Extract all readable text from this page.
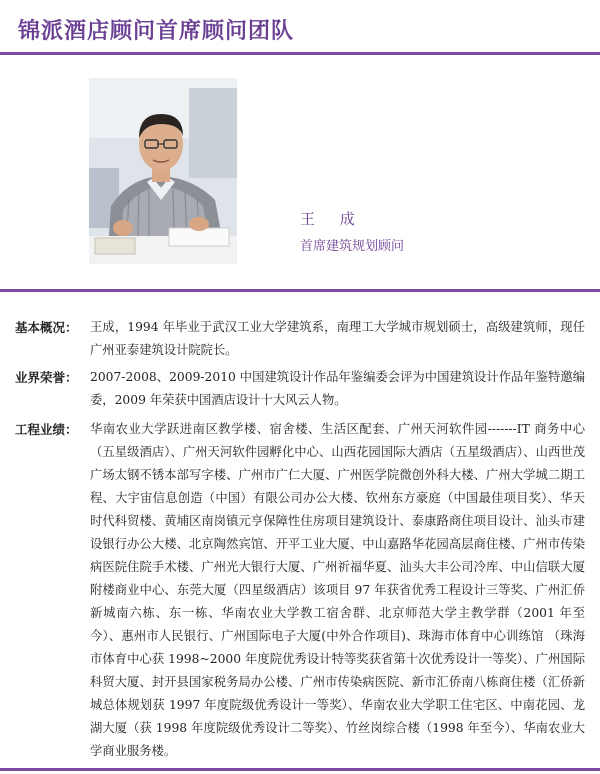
锦派酒店顾问首席顾问团队
王 成
首席建筑规划顾问
基本概况： 王成，1994 年毕业于武汉工业大学建筑系，南理工大学城市规划硕士，高级建筑师，现任广州亚泰建筑设计院院长。
业界荣誉： 2007-2008、2009-2010 中国建筑设计作品年鉴编委会评为中国建筑设计作品年鉴特邀编委，2009 年荣获中国酒店设计十大风云人物。
工程业绩： 华南农业大学跃进南区教学楼、宿舍楼、生活区配套、广州天河软件园-------IT 商务中心（五星级酒店）、广州天河软件园孵化中心、山西花园国际大酒店（五星级酒店）、山西世茂广场太钢不锈本部写字楼、广州市广仁大厦、广州医学院微创外科大楼、广州大学城二期工程、大宇宙信息创造（中国）有限公司办公大楼、钦州东方豪庭（中国最佳项目奖）、华天时代科贸楼、黄埔区南岗镇元亨保障性住房项目建筑设计、泰康路商住项目设计、汕头市建设银行办公大楼、北京陶然宾馆、开平工业大厦、中山嘉路华花园高层商住楼、广州市传染病医院住院手术楼、广州光大银行大厦、广州祈福华夏、汕头大丰公司冷库、中山信联大厦附楼商业中心、东莞大厦（四星级酒店）该项目 97 年获省优秀工程设计三等奖、广州汇侨新城南六栋、东一栋、华南农业大学教工宿舍群、北京师范大学主教学群（2001 年至今）、惠州市人民银行、广州国际电子大厦(中外合作项目)、珠海市体育中心训练馆 （珠海市体育中心获 1998~2000 年度院优秀设计特等奖获省第十次优秀设计一等奖）、广州国际科贸大厦、封开县国家税务局办公楼、广州市传染病医院、新市汇侨南八栋商住楼（汇侨新城总体规划获 1997 年度院级优秀设计一等奖）、华南农业大学职工住宅区、中南花园、龙湖大厦（获 1998 年度院级优秀设计二等奖）、竹丝岗综合楼（1998 年至今）、华南农业大学商业服务楼。
